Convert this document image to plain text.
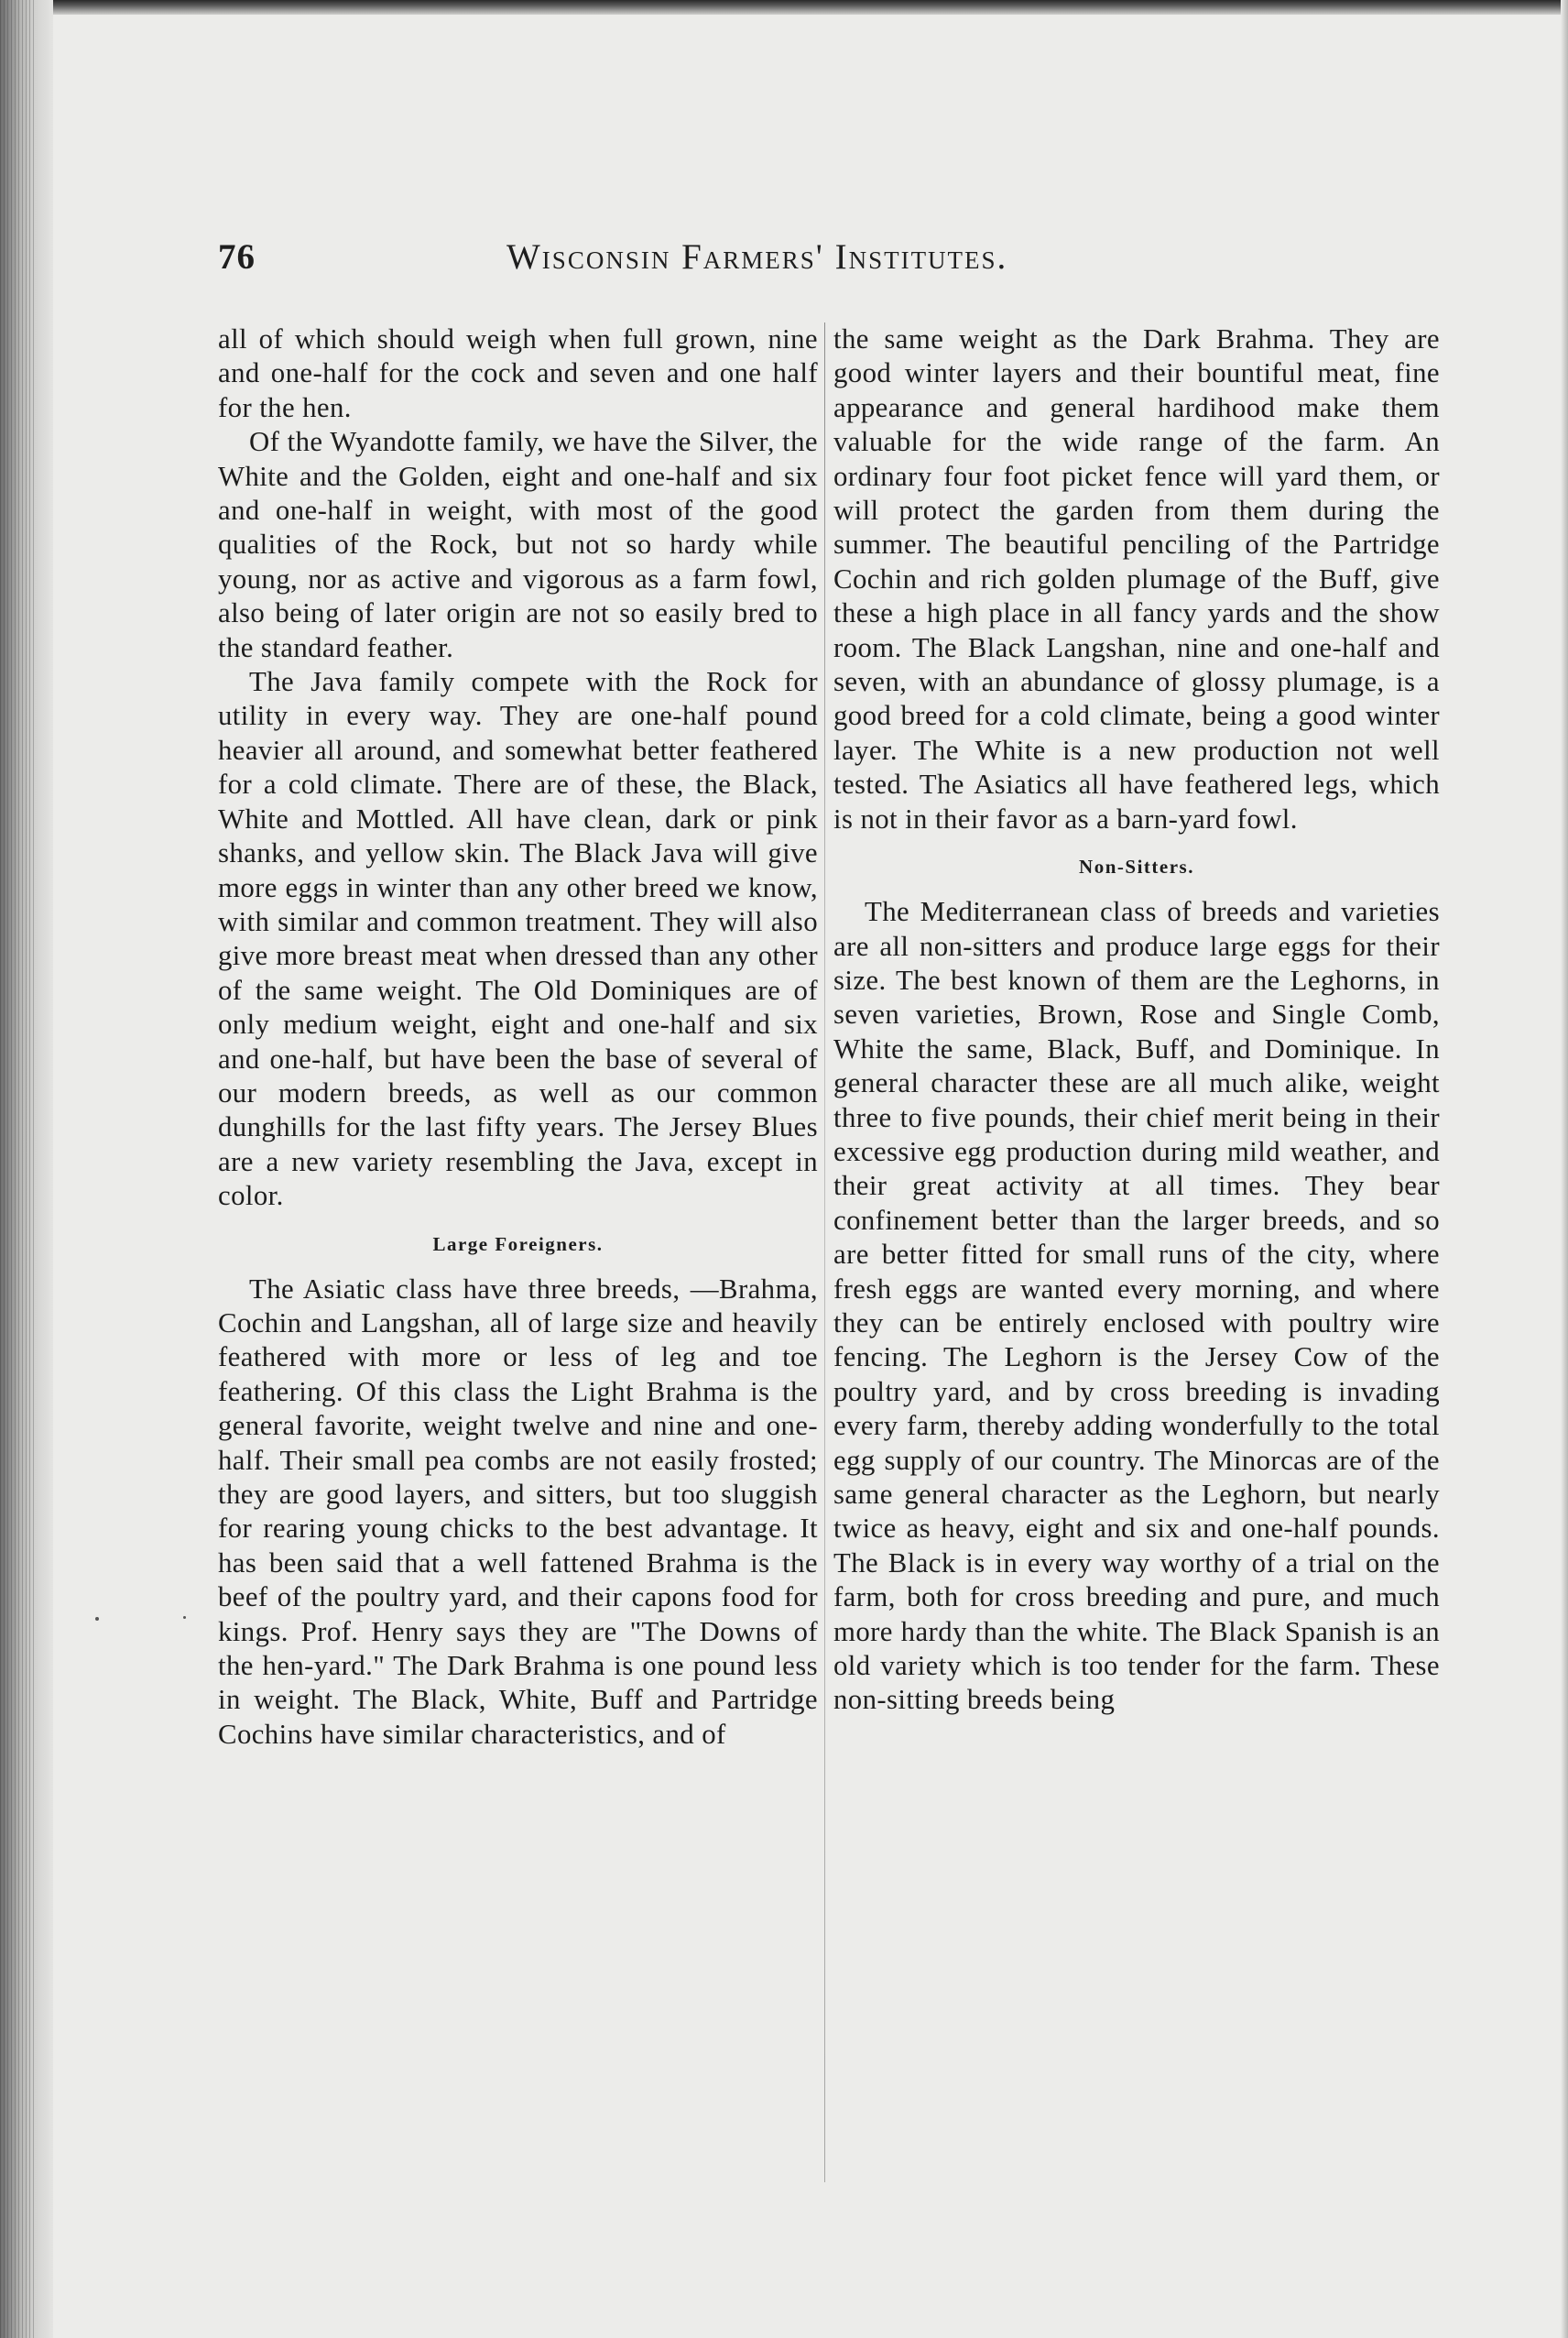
76	Wisconsin Farmers' Institutes.

all of which should weigh when full grown, nine and one-half for the cock and seven and one half for the hen.

Of the Wyandotte family, we have the Silver, the White and the Golden, eight and one-half and six and one-half in weight, with most of the good qualities of the Rock, but not so hardy while young, nor as active and vigorous as a farm fowl, also being of later origin are not so easily bred to the standard feather.

The Java family compete with the Rock for utility in every way. They are one-half pound heavier all around, and somewhat better feathered for a cold climate. There are of these, the Black, White and Mottled. All have clean, dark or pink shanks, and yellow skin. The Black Java will give more eggs in winter than any other breed we know, with similar and common treatment. They will also give more breast meat when dressed than any other of the same weight. The Old Dominiques are of only medium weight, eight and one-half and six and one-half, but have been the base of several of our modern breeds, as well as our common dunghills for the last fifty years. The Jersey Blues are a new variety resembling the Java, except in color.

Large Foreigners.

The Asiatic class have three breeds, —Brahma, Cochin and Langshan, all of large size and heavily feathered with more or less of leg and toe feathering. Of this class the Light Brahma is the general favorite, weight twelve and nine and one-half. Their small pea combs are not easily frosted; they are good layers, and sitters, but too sluggish for rearing young chicks to the best advantage. It has been said that a well fattened Brahma is the beef of the poultry yard, and their capons food for kings. Prof. Henry says they are "The Downs of the hen-yard." The Dark Brahma is one pound less in weight. The Black, White, Buff and Partridge Cochins have similar characteristics, and of

the same weight as the Dark Brahma. They are good winter layers and their bountiful meat, fine appearance and general hardihood make them valuable for the wide range of the farm. An ordinary four foot picket fence will yard them, or will protect the garden from them during the summer. The beautiful penciling of the Partridge Cochin and rich golden plumage of the Buff, give these a high place in all fancy yards and the show room. The Black Langshan, nine and one-half and seven, with an abundance of glossy plumage, is a good breed for a cold climate, being a good winter layer. The White is a new production not well tested. The Asiatics all have feathered legs, which is not in their favor as a barn-yard fowl.

Non-Sitters.

The Mediterranean class of breeds and varieties are all non-sitters and produce large eggs for their size. The best known of them are the Leghorns, in seven varieties, Brown, Rose and Single Comb, White the same, Black, Buff, and Dominique. In general character these are all much alike, weight three to five pounds, their chief merit being in their excessive egg production during mild weather, and their great activity at all times. They bear confinement better than the larger breeds, and so are better fitted for small runs of the city, where fresh eggs are wanted every morning, and where they can be entirely enclosed with poultry wire fencing. The Leghorn is the Jersey Cow of the poultry yard, and by cross breeding is invading every farm, thereby adding wonderfully to the total egg supply of our country. The Minorcas are of the same general character as the Leghorn, but nearly twice as heavy, eight and six and one-half pounds. The Black is in every way worthy of a trial on the farm, both for cross breeding and pure, and much more hardy than the white. The Black Spanish is an old variety which is too tender for the farm. These non-sitting breeds being
